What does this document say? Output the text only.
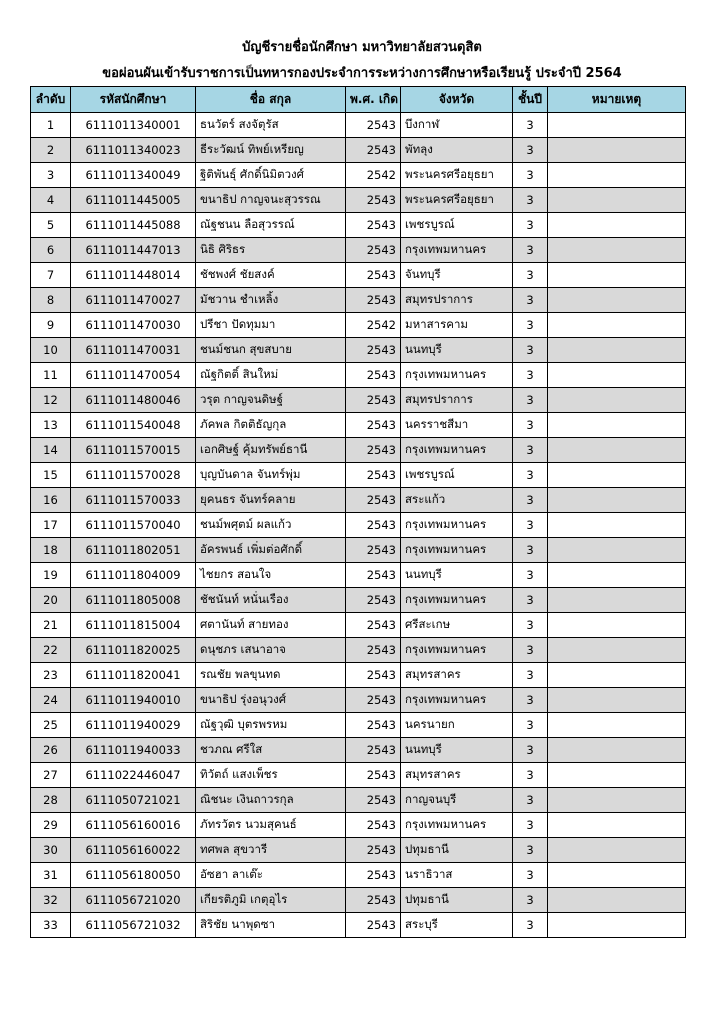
บัญชีรายชื่อนักศึกษา มหาวิทยาลัยสวนดุสิต
ขอผ่อนผันเข้ารับราชการเป็นทหารกองประจำการระหว่างการศึกษาหรือเรียนรู้ ประจำปี 2564
ลำดับ	รหัสนักศึกษา	ชื่อ สกุล	พ.ศ. เกิด	จังหวัด	ชั้นปี	หมายเหตุ
1	6111011340001	ธนวัตร์ สงจัตุรัส	2543	บึงกาฬ	3	
2	6111011340023	ธีระวัฒน์ ทิพย์เหรียญ	2543	พัทลุง	3	
3	6111011340049	ฐิติพันธุ์ ศักดิ์นิมิตวงศ์	2542	พระนครศรีอยุธยา	3	
4	6111011445005	ขนาธิป กาญจนะสุวรรณ	2543	พระนครศรีอยุธยา	3	
5	6111011445088	ณัฐชนน ลือสุวรรณ์	2543	เพชรบูรณ์	3	
6	6111011447013	นิธิ ศิริธร	2543	กรุงเทพมหานคร	3	
7	6111011448014	ชัชพงศ์ ชัยสงค์	2543	จันทบุรี	3	
8	6111011470027	มัชวาน ชำเหลิ้ง	2543	สมุทรปราการ	3	
9	6111011470030	ปรีชา ปัดทุมมา	2542	มหาสารคาม	3	
10	6111011470031	ชนม์ชนก สุขสบาย	2543	นนทบุรี	3	
11	6111011470054	ณัฐกิตติ์ สินใหม่	2543	กรุงเทพมหานคร	3	
12	6111011480046	วรุต กาญจนดิษฐ์	2543	สมุทรปราการ	3	
13	6111011540048	ภัคพล กิตติธัญกุล	2543	นครราชสีมา	3	
14	6111011570015	เอกศิษฐ์ คุ้มทรัพย์ธานี	2543	กรุงเทพมหานคร	3	
15	6111011570028	บุญบันดาล จันทร์พุ่ม	2543	เพชรบูรณ์	3	
16	6111011570033	ยุคนธร จันทร์คลาย	2543	สระแก้ว	3	
17	6111011570040	ชนม์พศุตม์ ผลแก้ว	2543	กรุงเทพมหานคร	3	
18	6111011802051	อัครพนธ์ เพิ่มต่อศักดิ์	2543	กรุงเทพมหานคร	3	
19	6111011804009	ไชยกร สอนใจ	2543	นนทบุรี	3	
20	6111011805008	ชัชนันท์ หนั่นเรือง	2543	กรุงเทพมหานคร	3	
21	6111011815004	ศตานันท์ สายทอง	2543	ศรีสะเกษ	3	
22	6111011820025	ดนุชภร เสนาอาจ	2543	กรุงเทพมหานคร	3	
23	6111011820041	รณชัย พลขุนทด	2543	สมุทรสาคร	3	
24	6111011940010	ขนาธิป รุ่งอนุวงศ์	2543	กรุงเทพมหานคร	3	
25	6111011940029	ณัฐวุฒิ บุตรพรหม	2543	นครนายก	3	
26	6111011940033	ชวภณ ศรีใส	2543	นนทบุรี	3	
27	6111022446047	ทิวัตถ์ แสงเพ็ชร	2543	สมุทรสาคร	3	
28	6111050721021	ณิชนะ เงินถาวรกุล	2543	กาญจนบุรี	3	
29	6111056160016	ภัทรวัตร นวมสุคนธ์	2543	กรุงเทพมหานคร	3	
30	6111056160022	ทศพล สุขวารี	2543	ปทุมธานี	3	
31	6111056180050	อัซฮา ลาเต๊ะ	2543	นราธิวาส	3	
32	6111056721020	เกียรติภูมิ เกตุอุไร	2543	ปทุมธานี	3	
33	6111056721032	สิริชัย นาพุดซา	2543	สระบุรี	3	
